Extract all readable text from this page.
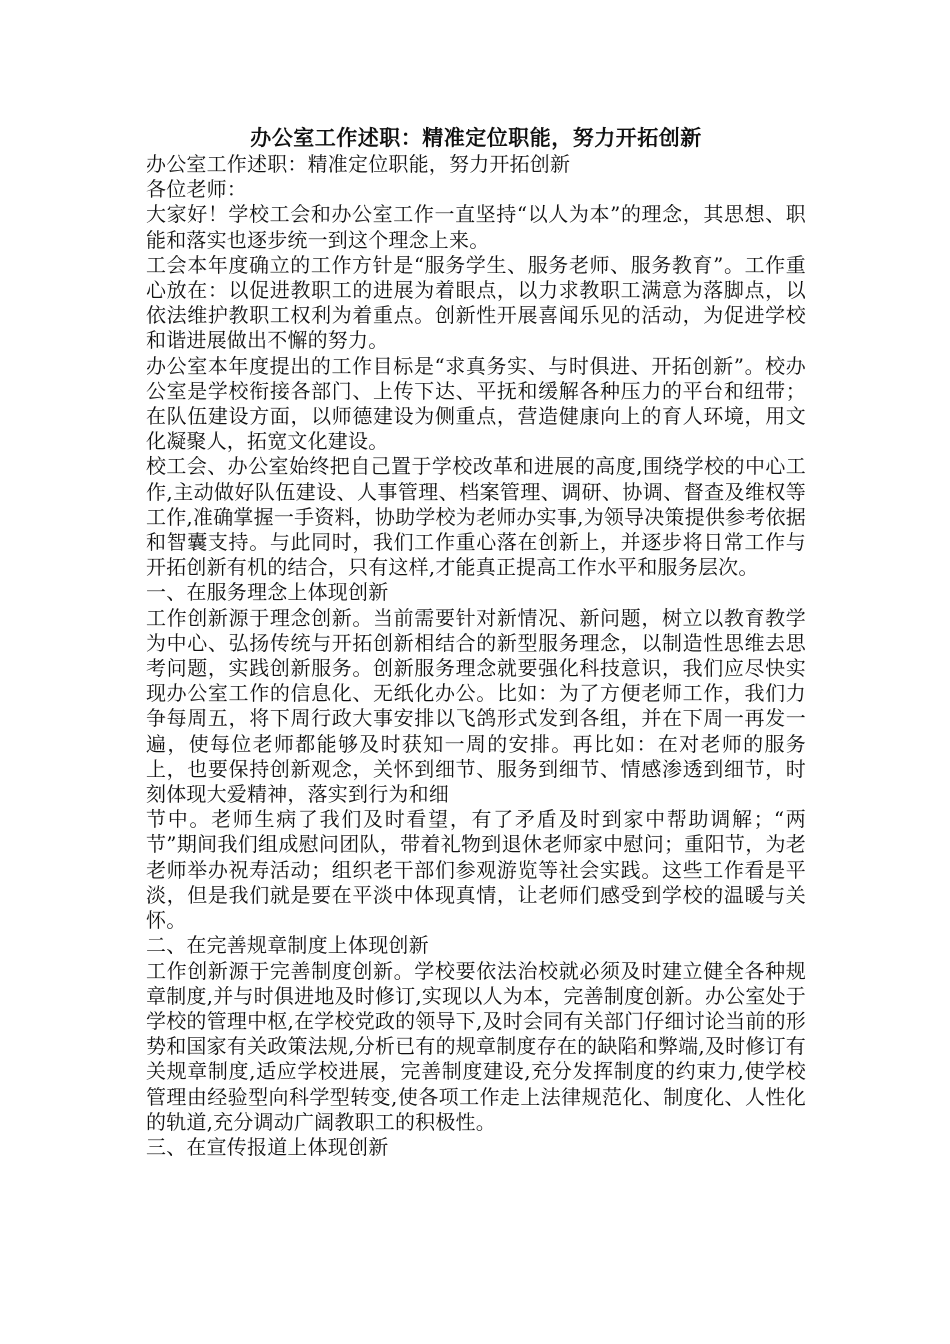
办公室工作述职：精准定位职能，努力开拓创新

办公室工作述职：精准定位职能，努力开拓创新

各位老师：

大家好！学校工会和办公室工作一直坚持“以人为本”的理念，其思想、职能和落实也逐步统一到这个理念上来。

工会本年度确立的工作方针是“服务学生、服务老师、服务教育”。工作重心放在：以促进教职工的进展为着眼点，以力求教职工满意为落脚点，以依法维护教职工权利为着重点。创新性开展喜闻乐见的活动，为促进学校和谐进展做出不懈的努力。

办公室本年度提出的工作目标是“求真务实、与时俱进、开拓创新”。校办公室是学校衔接各部门、上传下达、平抚和缓解各种压力的平台和纽带；在队伍建设方面，以师德建设为侧重点，营造健康向上的育人环境，用文化凝聚人，拓宽文化建设。

校工会、办公室始终把自己置于学校改革和进展的高度,围绕学校的中心工作,主动做好队伍建设、人事管理、档案管理、调研、协调、督查及维权等工作,准确掌握一手资料，协助学校为老师办实事,为领导决策提供参考依据和智囊支持。与此同时，我们工作重心落在创新上，并逐步将日常工作与开拓创新有机的结合，只有这样,才能真正提高工作水平和服务层次。

一、在服务理念上体现创新

工作创新源于理念创新。当前需要针对新情况、新问题，树立以教育教学为中心、弘扬传统与开拓创新相结合的新型服务理念，以制造性思维去思考问题，实践创新服务。创新服务理念就要强化科技意识，我们应尽快实现办公室工作的信息化、无纸化办公。比如：为了方便老师工作，我们力争每周五，将下周行政大事安排以飞鸽形式发到各组，并在下周一再发一遍，使每位老师都能够及时获知一周的安排。再比如：在对老师的服务上，也要保持创新观念，关怀到细节、服务到细节、情感渗透到细节，时刻体现大爱精神，落实到行为和细

节中。老师生病了我们及时看望，有了矛盾及时到家中帮助调解；“两节”期间我们组成慰问团队，带着礼物到退休老师家中慰问；重阳节，为老老师举办祝寿活动；组织老干部们参观游览等社会实践。这些工作看是平淡，但是我们就是要在平淡中体现真情，让老师们感受到学校的温暖与关怀。

二、在完善规章制度上体现创新

工作创新源于完善制度创新。学校要依法治校就必须及时建立健全各种规章制度,并与时俱进地及时修订,实现以人为本，完善制度创新。办公室处于学校的管理中枢,在学校党政的领导下,及时会同有关部门仔细讨论当前的形势和国家有关政策法规,分析已有的规章制度存在的缺陷和弊端,及时修订有关规章制度,适应学校进展，完善制度建设,充分发挥制度的约束力,使学校管理由经验型向科学型转变,使各项工作走上法律规范化、制度化、人性化的轨道,充分调动广阔教职工的积极性。

三、在宣传报道上体现创新
